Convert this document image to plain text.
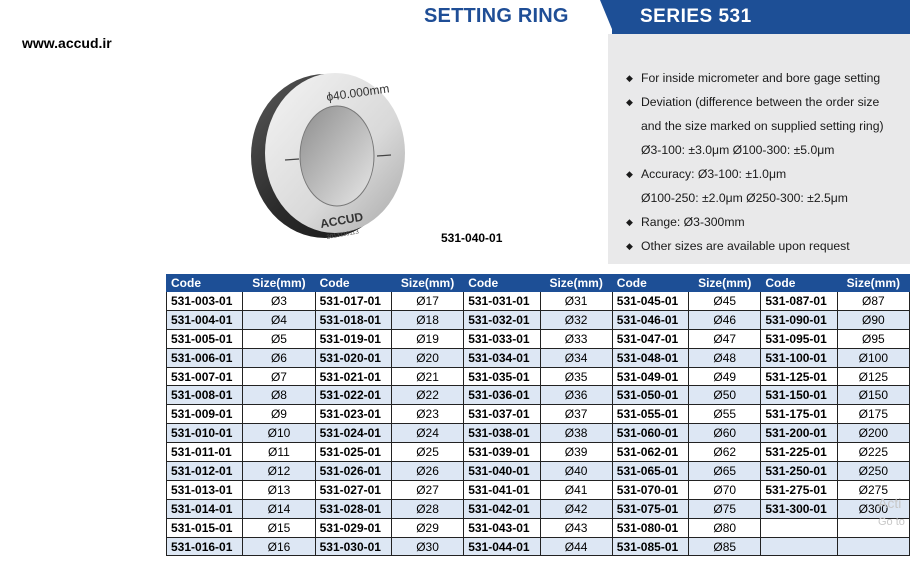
SETTING RING	SERIES 531
www.accud.ir
ϕ40.000mm
ACCUD
2013116113	531-040-01
◆ For inside micrometer and bore gage setting
◆ Deviation (difference between the order size
and the size marked on supplied setting ring)
Ø3-100: ±3.0μm Ø100-300: ±5.0μm
◆ Accuracy: Ø3-100: ±1.0μm
Ø100-250: ±2.0μm Ø250-300: ±2.5μm
◆ Range: Ø3-300mm
◆ Other sizes are available upon request
Code	Size(mm)	Code	Size(mm)	Code	Size(mm)	Code	Size(mm)	Code	Size(mm)
531-003-01	Ø3	531-017-01	Ø17	531-031-01	Ø31	531-045-01	Ø45	531-087-01	Ø87
531-004-01	Ø4	531-018-01	Ø18	531-032-01	Ø32	531-046-01	Ø46	531-090-01	Ø90
531-005-01	Ø5	531-019-01	Ø19	531-033-01	Ø33	531-047-01	Ø47	531-095-01	Ø95
531-006-01	Ø6	531-020-01	Ø20	531-034-01	Ø34	531-048-01	Ø48	531-100-01	Ø100
531-007-01	Ø7	531-021-01	Ø21	531-035-01	Ø35	531-049-01	Ø49	531-125-01	Ø125
531-008-01	Ø8	531-022-01	Ø22	531-036-01	Ø36	531-050-01	Ø50	531-150-01	Ø150
531-009-01	Ø9	531-023-01	Ø23	531-037-01	Ø37	531-055-01	Ø55	531-175-01	Ø175
531-010-01	Ø10	531-024-01	Ø24	531-038-01	Ø38	531-060-01	Ø60	531-200-01	Ø200
531-011-01	Ø11	531-025-01	Ø25	531-039-01	Ø39	531-062-01	Ø62	531-225-01	Ø225
531-012-01	Ø12	531-026-01	Ø26	531-040-01	Ø40	531-065-01	Ø65	531-250-01	Ø250
531-013-01	Ø13	531-027-01	Ø27	531-041-01	Ø41	531-070-01	Ø70	531-275-01	Ø275
531-014-01	Ø14	531-028-01	Ø28	531-042-01	Ø42	531-075-01	Ø75	531-300-01	Ø300
531-015-01	Ø15	531-029-01	Ø29	531-043-01	Ø43	531-080-01	Ø80		
531-016-01	Ø16	531-030-01	Ø30	531-044-01	Ø44	531-085-01	Ø85		
Acti
Go to
